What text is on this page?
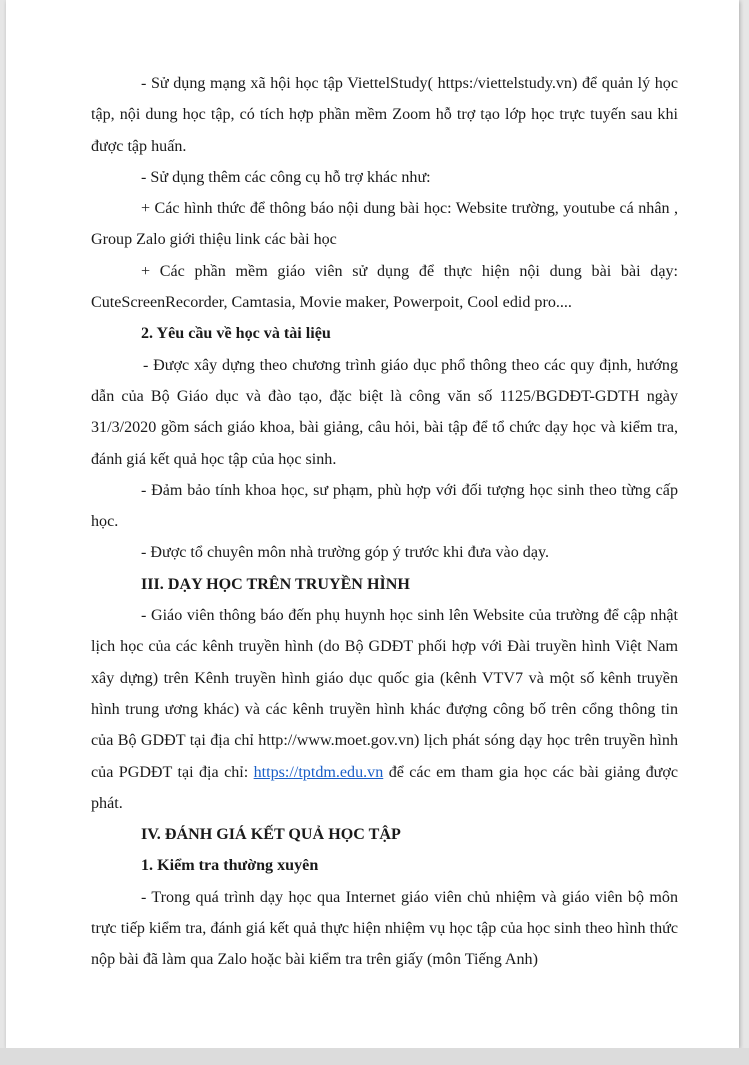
- Sử dụng mạng xã hội học tập ViettelStudy( https:/viettelstudy.vn) để quản lý học tập, nội dung học tập, có tích hợp phần mềm Zoom hỗ trợ tạo lớp học trực tuyến sau khi được tập huấn.

- Sử dụng thêm các công cụ hỗ trợ khác như:

+ Các hình thức để thông báo nội dung bài học: Website trường, youtube cá nhân , Group Zalo giới thiệu link các bài học

+ Các phần mềm giáo viên sử dụng để thực hiện nội dung bài bài dạy: CuteScreenRecorder, Camtasia, Movie maker, Powerpoit, Cool edid pro....

2. Yêu cầu về học và tài liệu

- Được xây dựng theo chương trình giáo dục phổ thông theo các quy định, hướng dẫn của Bộ Giáo dục và đào tạo, đặc biệt là công văn số 1125/BGDĐT-GDTH ngày 31/3/2020 gồm sách giáo khoa, bài giảng, câu hỏi, bài tập để tổ chức dạy học và kiểm tra, đánh giá kết quả học tập của học sinh.

- Đảm bảo tính khoa học, sư phạm, phù hợp với đối tượng học sinh theo từng cấp học.

- Được tổ chuyên môn nhà trường góp ý trước khi đưa vào dạy.

III. DẠY HỌC TRÊN TRUYỀN HÌNH

- Giáo viên thông báo đến phụ huynh học sinh lên Website của trường để cập nhật lịch học của các kênh truyền hình (do Bộ GDĐT phối hợp với Đài truyền hình Việt Nam xây dựng) trên Kênh truyền hình giáo dục quốc gia (kênh VTV7 và một số kênh truyền hình trung ương khác) và các kênh truyền hình khác đượng công bố trên cổng thông tin của Bộ GDĐT tại địa chỉ http://www.moet.gov.vn) lịch phát sóng dạy học trên truyền hình của PGDĐT tại địa chỉ: https://tptdm.edu.vn để các em tham gia học các bài giảng được phát.

IV. ĐÁNH GIÁ KẾT QUẢ HỌC TẬP

1. Kiểm tra thường xuyên

- Trong quá trình dạy học qua Internet giáo viên chủ nhiệm và giáo viên bộ môn trực tiếp kiểm tra, đánh giá kết quả thực hiện nhiệm vụ học tập của học sinh theo hình thức nộp bài đã làm qua Zalo hoặc bài kiểm tra trên giấy (môn Tiếng Anh)
